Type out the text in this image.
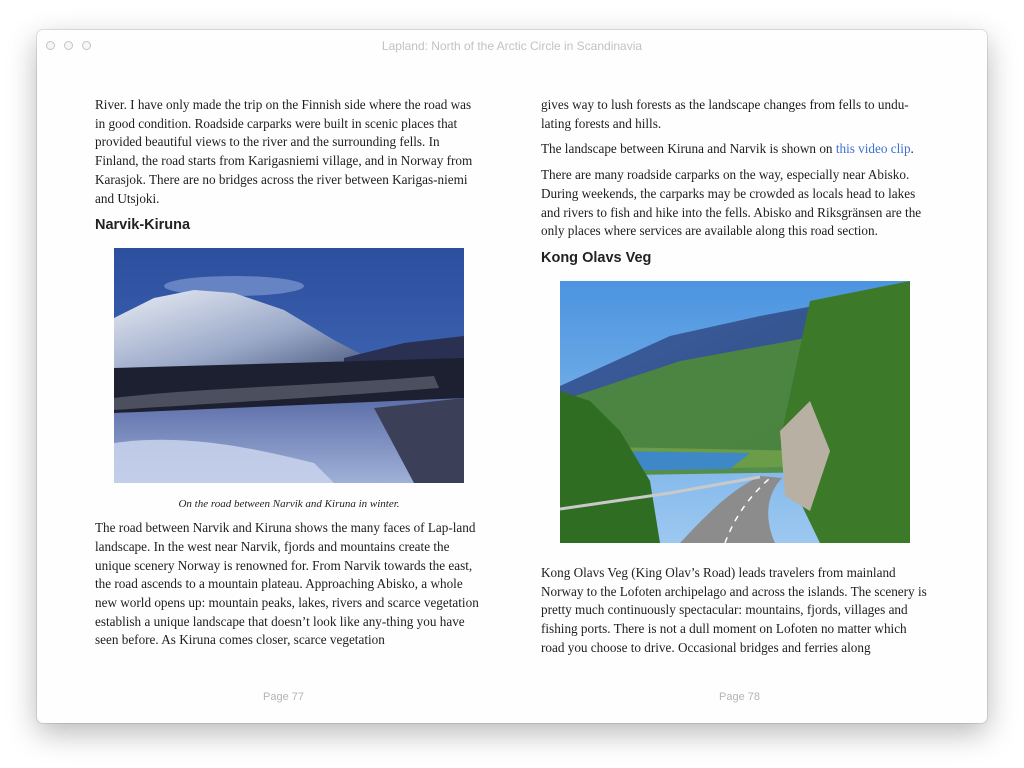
Lapland: North of the Arctic Circle in Scandinavia

River. I have only made the trip on the Finnish side where the road was in good condition. Roadside carparks were built in scenic places that provided beautiful views to the river and the surrounding fells. In Finland, the road starts from Karigasniemi village, and in Norway from Karasjok. There are no bridges across the river between Karigas-niemi and Utsjoki.

Narvik-Kiruna
On the road between Narvik and Kiruna in winter.

The road between Narvik and Kiruna shows the many faces of Lap-land landscape. In the west near Narvik, fjords and mountains create the unique scenery Norway is renowned for. From Narvik towards the east, the road ascends to a mountain plateau. Approaching Abisko, a whole new world opens up: mountain peaks, lakes, rivers and scarce vegetation establish a unique landscape that doesn’t look like any-thing you have seen before. As Kiruna comes closer, scarce vegetation

gives way to lush forests as the landscape changes from fells to undu-lating forests and hills.

The landscape between Kiruna and Narvik is shown on this video clip.

There are many roadside carparks on the way, especially near Abisko. During weekends, the carparks may be crowded as locals head to lakes and rivers to fish and hike into the fells. Abisko and Riksgränsen are the only places where services are available along this road section.

Kong Olavs Veg

Kong Olavs Veg (King Olav’s Road) leads travelers from mainland Norway to the Lofoten archipelago and across the islands. The scenery is pretty much continuously spectacular: mountains, fjords, villages and fishing ports. There is not a dull moment on Lofoten no matter which road you choose to drive. Occasional bridges and ferries along

Page 77	Page 78
